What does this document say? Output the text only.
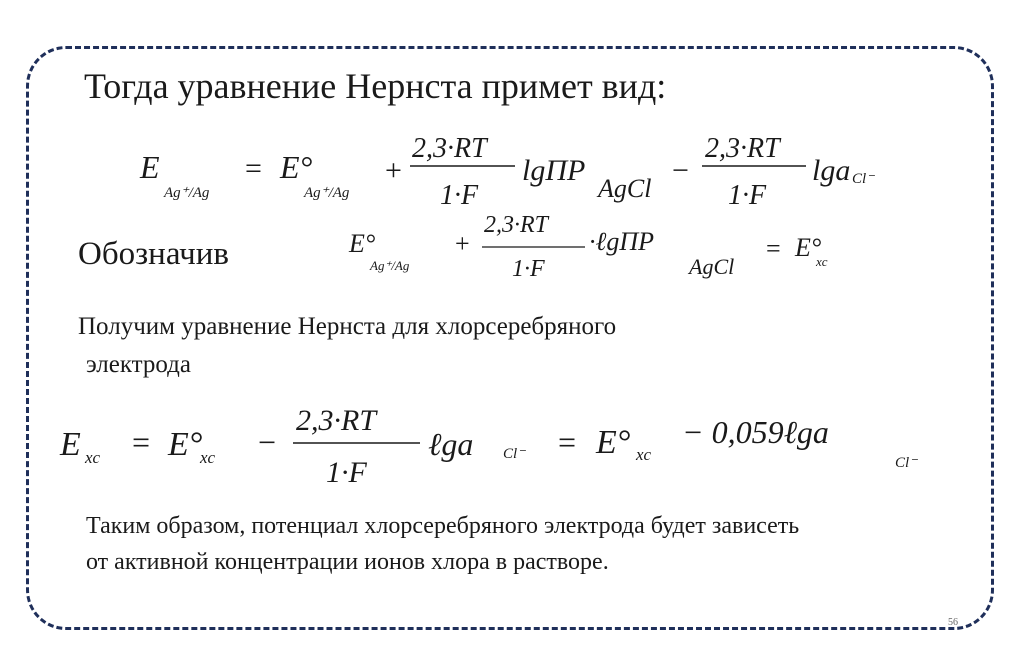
Тогда уравнение Нернста примет вид:
E
Ag⁺/Ag
= E°
Ag⁺/Ag
+
2,3·RT
1·F
lgПР
AgCl
−
2,3·RT
1·F
lga Cl⁻
Обозначив	E°
Ag⁺/Ag
+
2,3·RT
1·F
·ℓgПР
AgCl
= E°
xc
Получим уравнение Нернста для хлорсеребряного
электрода
E xc = E°
xc −
2,3·RT
1·F
ℓga Cl⁻ = E° xc
− 0,059ℓga
Cl⁻
Таким образом, потенциал хлорсеребряного электрода будет зависеть
от активной концентрации ионов хлора в растворе.
56
